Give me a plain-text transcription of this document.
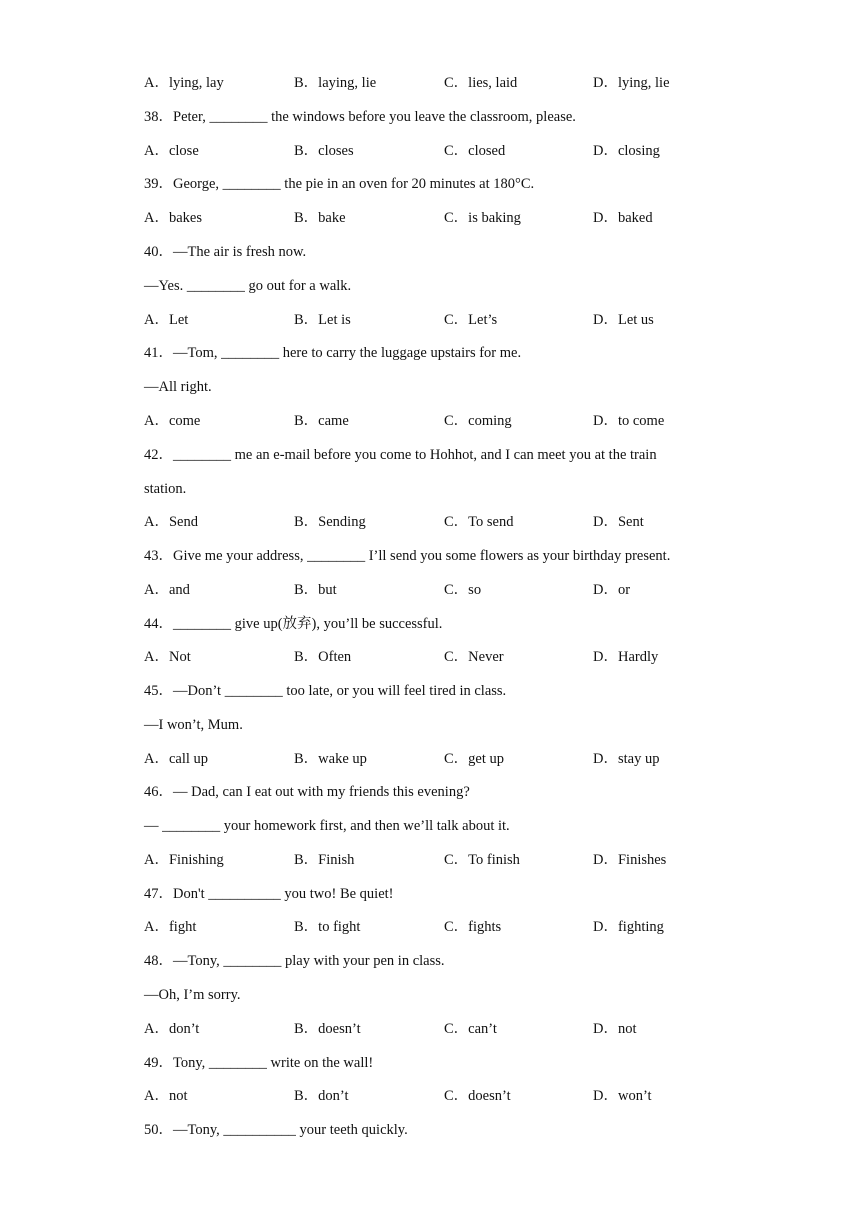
A．lying, lay	B．laying, lie	C．lies, laid	D．lying, lie
38．Peter, ________ the windows before you leave the classroom, please.
A．close	B．closes	C．closed	D．closing
39．George, ________ the pie in an oven for 20 minutes at 180°C.
A．bakes	B．bake	C．is baking	D．baked
40．—The air is fresh now.
—Yes. ________ go out for a walk.
A．Let	B．Let is	C．Let’s	D．Let us
41．—Tom, ________ here to carry the luggage upstairs for me.
—All right.
A．come	B．came	C．coming	D．to come
42．________ me an e-mail before you come to Hohhot, and I can meet you at the train
station.
A．Send	B．Sending	C．To send	D．Sent
43．Give me your address, ________ I’ll send you some flowers as your birthday present.
A．and	B．but	C．so	D．or
44．________ give up(放弃), you’ll be successful.
A．Not	B．Often	C．Never	D．Hardly
45．—Don’t ________ too late, or you will feel tired in class.
—I won’t, Mum.
A．call up	B．wake up	C．get up	D．stay up
46．— Dad, can I eat out with my friends this evening?
— ________ your homework first, and then we’ll talk about it.
A．Finishing	B．Finish	C．To finish	D．Finishes
47．Don't __________ you two! Be quiet!
A．fight	B．to fight	C．fights	D．fighting
48．—Tony, ________ play with your pen in class.
—Oh, I’m sorry.
A．don’t	B．doesn’t	C．can’t	D．not
49．Tony, ________ write on the wall!
A．not	B．don’t	C．doesn’t	D．won’t
50．—Tony, __________ your teeth quickly.
